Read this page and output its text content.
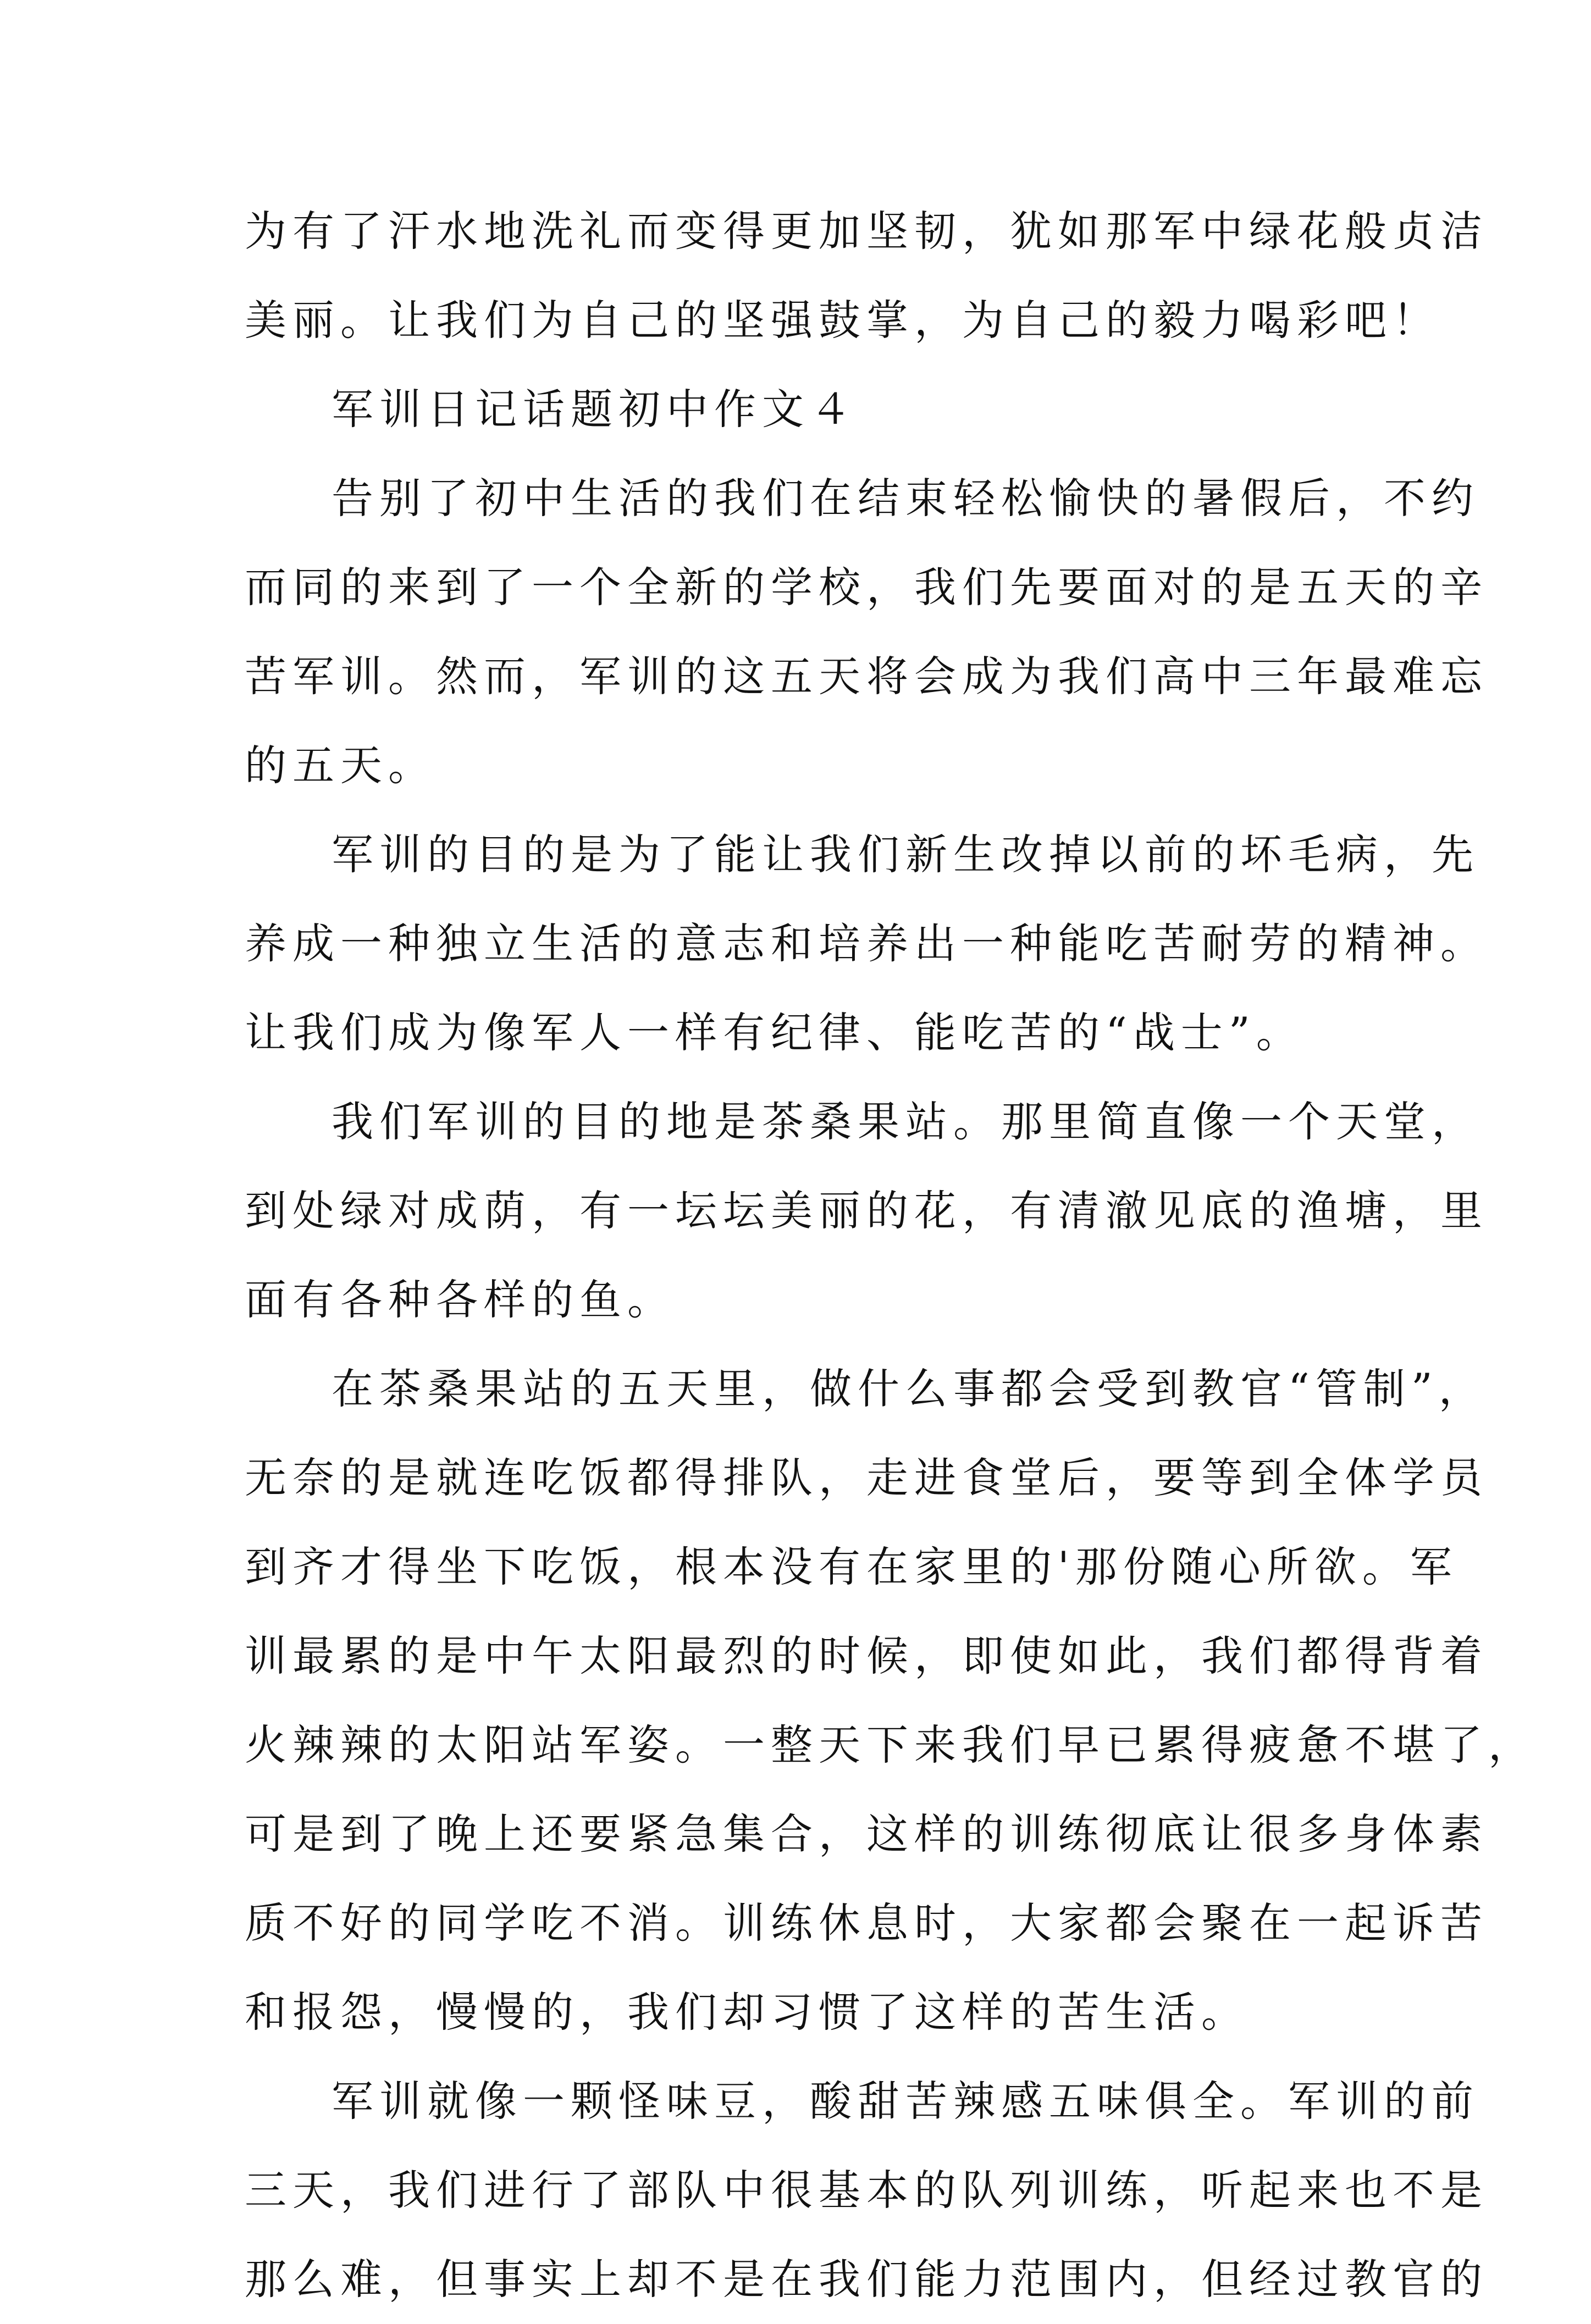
为有了汗水地洗礼而变得更加坚韧，犹如那军中绿花般贞洁
美丽。让我们为自己的坚强鼓掌，为自己的毅力喝彩吧！
军训日记话题初中作文４
告别了初中生活的我们在结束轻松愉快的暑假后，不约
而同的来到了一个全新的学校，我们先要面对的是五天的辛
苦军训。然而，军训的这五天将会成为我们高中三年最难忘
的五天。
军训的目的是为了能让我们新生改掉以前的坏毛病，先
养成一种独立生活的意志和培养出一种能吃苦耐劳的精神。
让我们成为像军人一样有纪律、能吃苦的“战士”。
我们军训的目的地是茶桑果站。那里简直像一个天堂，
到处绿对成荫，有一坛坛美丽的花，有清澈见底的渔塘，里
面有各种各样的鱼。
在茶桑果站的五天里，做什么事都会受到教官“管制”，
无奈的是就连吃饭都得排队，走进食堂后，要等到全体学员
到齐才得坐下吃饭，根本没有在家里的'那份随心所欲。军
训最累的是中午太阳最烈的时候，即使如此，我们都得背着
火辣辣的太阳站军姿。一整天下来我们早已累得疲惫不堪了，
可是到了晚上还要紧急集合，这样的训练彻底让很多身体素
质不好的同学吃不消。训练休息时，大家都会聚在一起诉苦
和报怨，慢慢的，我们却习惯了这样的苦生活。
军训就像一颗怪味豆，酸甜苦辣感五味俱全。军训的前
三天，我们进行了部队中很基本的队列训练，听起来也不是
那么难，但事实上却不是在我们能力范围内，但经过教官的
